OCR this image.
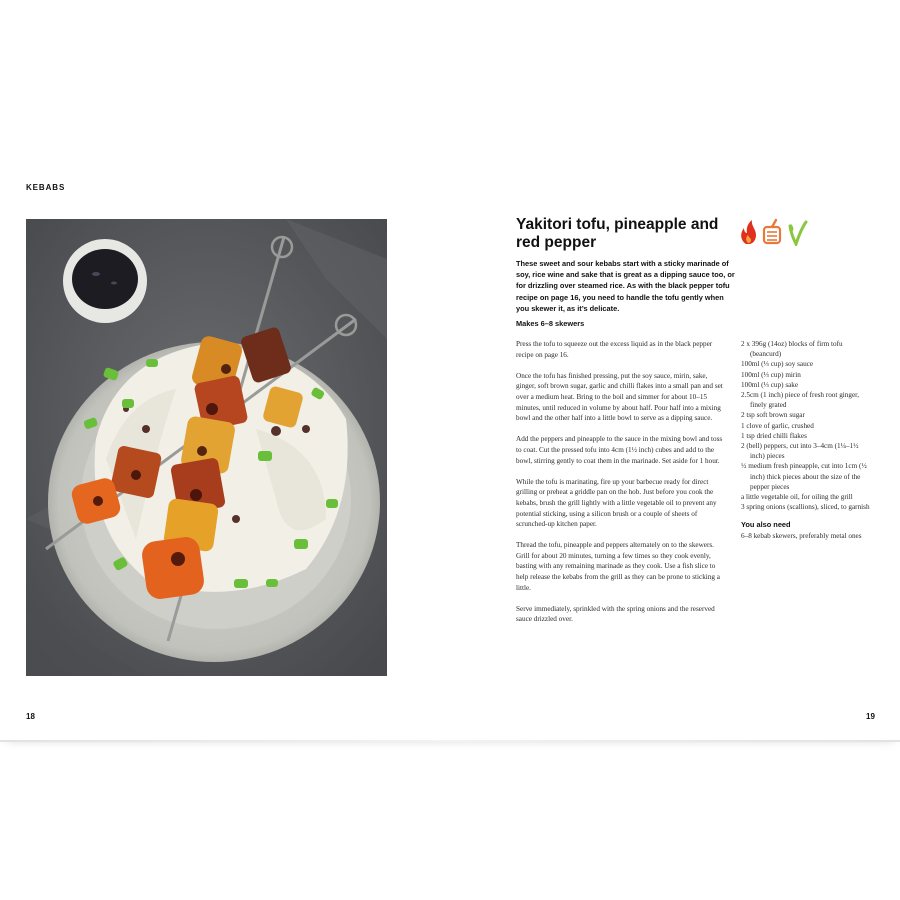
KEBABS
18
Yakitori tofu, pineapple and red pepper
These sweet and sour kebabs start with a sticky marinade of soy, rice wine and sake that is great as a dipping sauce too, or for drizzling over steamed rice. As with the black pepper tofu recipe on page 16, you need to handle the tofu gently when you skewer it, as it’s delicate.
Makes 6–8 skewers

Press the tofu to squeeze out the excess liquid as in the black pepper recipe on page 16.

Once the tofu has finished pressing, put the soy sauce, mirin, sake, ginger, soft brown sugar, garlic and chilli flakes into a small pan and set over a medium heat. Bring to the boil and simmer for about 10–15 minutes, until reduced in volume by about half. Pour half into a mixing bowl and the other half into a little bowl to serve as a dipping sauce.

Add the peppers and pineapple to the sauce in the mixing bowl and toss to coat. Cut the pressed tofu into 4cm (1½ inch) cubes and add to the bowl, stirring gently to coat them in the marinade. Set aside for 1 hour.

While the tofu is marinating, fire up your barbecue ready for direct grilling or preheat a griddle pan on the hob. Just before you cook the kebabs, brush the grill lightly with a little vegetable oil to prevent any potential sticking, using a silicon brush or a couple of sheets of scrunched-up kitchen paper.

Thread the tofu, pineapple and peppers alternately on to the skewers. Grill for about 20 minutes, turning a few times so they cook evenly, basting with any remaining marinade as they cook. Use a fish slice to help release the kebabs from the grill as they can be prone to sticking a little.

Serve immediately, sprinkled with the spring onions and the reserved sauce drizzled over.

2 x 396g (14oz) blocks of firm tofu (beancurd)
100ml (⅓ cup) soy sauce
100ml (⅓ cup) mirin
100ml (⅓ cup) sake
2.5cm (1 inch) piece of fresh root ginger, finely grated
2 tsp soft brown sugar
1 clove of garlic, crushed
1 tsp dried chilli flakes
2 (bell) peppers, cut into 3–4cm (1¼–1½ inch) pieces
½ medium fresh pineapple, cut into 1cm (½ inch) thick pieces about the size of the pepper pieces
a little vegetable oil, for oiling the grill
3 spring onions (scallions), sliced, to garnish
You also need
6–8 kebab skewers, preferably metal ones
19
